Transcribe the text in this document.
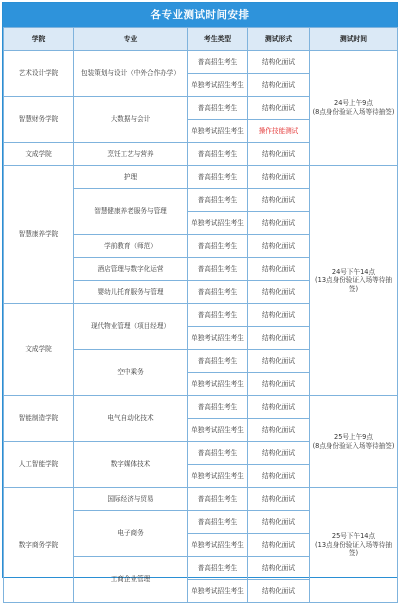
各专业测试时间安排
学院	专业	考生类型	测试形式	测试时间
艺术设计学院	包装策划与设计（中外合作办学）	普高招生考生	结构化面试	24号上午9点
(8点身份验证入场等待抽签)

		单独考试招生考生	结构化面试	
智慧财务学院	大数据与会计	普高招生考生	结构化面试	
		单独考试招生考生	操作技能测试	
文成学院	烹饪工艺与营养	普高招生考生	结构化面试	
智慧康养学院	护理	普高招生考生	结构化面试	24号下午14点
(13点身份验证入场等待抽签)

	智慧健康养老服务与管理	普高招生考生	结构化面试	
		单独考试招生考生	结构化面试	
	学前教育（师范）	普高招生考生	结构化面试	
	酒店管理与数字化运营	普高招生考生	结构化面试	
	婴幼儿托育服务与管理	普高招生考生	结构化面试	
文成学院	现代物业管理（项目经理）	普高招生考生	结构化面试	
		单独考试招生考生	结构化面试	
	空中乘务	普高招生考生	结构化面试	
		单独考试招生考生	结构化面试	
智能制造学院	电气自动化技术	普高招生考生	结构化面试	25号上午9点
(8点身份验证入场等待抽签)

		单独考试招生考生	结构化面试	
人工智能学院	数字媒体技术	普高招生考生	结构化面试	
		单独考试招生考生	结构化面试	
数字商务学院	国际经济与贸易	普高招生考生	结构化面试	25号下午14点
(13点身份验证入场等待抽签)

	电子商务	普高招生考生	结构化面试	
		单独考试招生考生	结构化面试	
	工商企业管理	普高招生考生	结构化面试	
		单独考试招生考生	结构化面试	
